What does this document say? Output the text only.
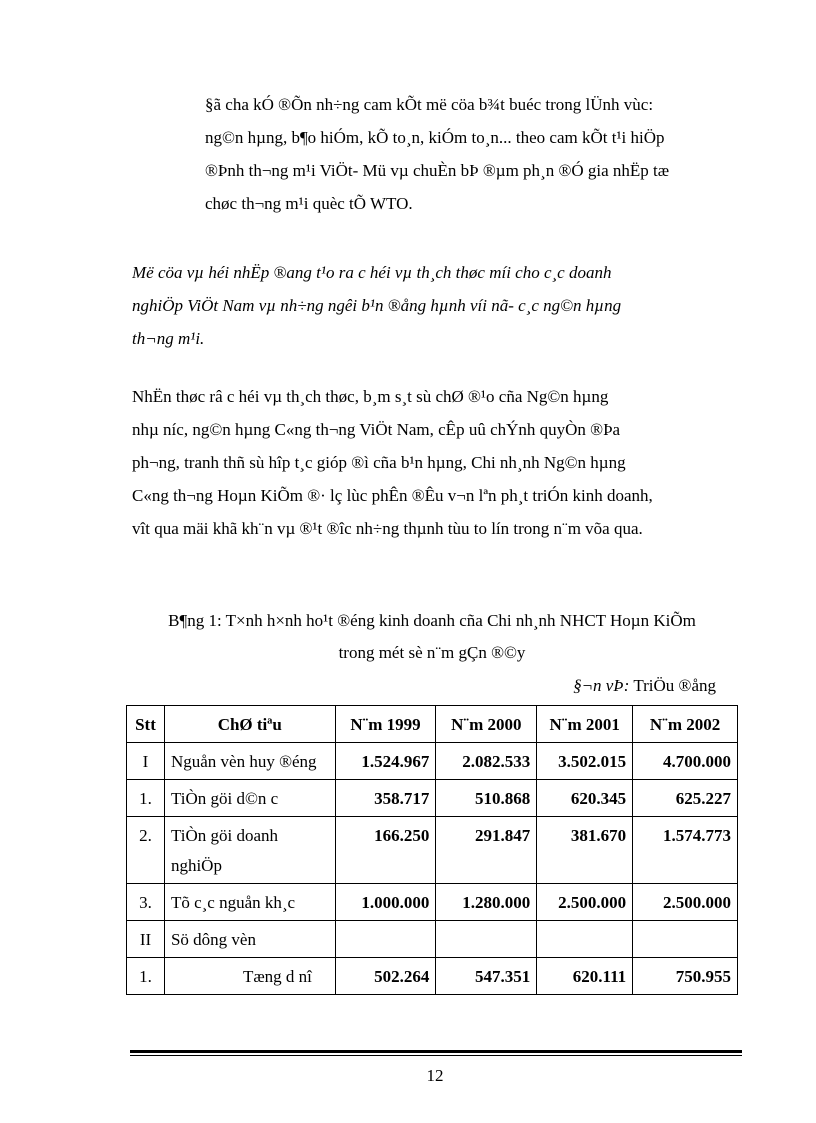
§ã cha kÓ ®Õn nh÷ng cam kÕt më cöa b¾t buéc trong lÜnh vùc:
ng©n hµng, b¶o hiÓm, kÕ to¸n, kiÓm to¸n... theo cam kÕt t¹i hiÖp
®Þnh th¬ng m¹i ViÖt- Mü vµ chuÈn bÞ ®µm ph¸n ®Ó gia nhËp tæ
chøc th¬ng m¹i quèc tÕ WTO.
Më cöa vµ héi nhËp ®ang t¹o ra c héi vµ th¸ch thøc míi cho c¸c doanh
nghiÖp ViÖt Nam vµ nh÷ng ngêi b¹n ®ång hµnh víi nã- c¸c ng©n hµng
th¬ng m¹i.
NhËn thøc râ c héi vµ th¸ch thøc, b¸m s¸t sù chØ ®¹o cña Ng©n hµng
nhµ níc, ng©n hµng C«ng th¬ng ViÖt Nam, cÊp uû chÝnh quyÒn ®Þa
ph¬ng, tranh thñ sù hîp t¸c gióp ®ì cña b¹n hµng, Chi nh¸nh Ng©n hµng
C«ng th¬ng Hoµn KiÕm ®· lç lùc phÊn ®Êu v¬n lªn ph¸t triÓn kinh doanh,
vît qua mäi khã kh¨n vµ ®¹t ®îc nh÷ng thµnh tùu to lín trong n¨m võa qua.
B¶ng 1: T×nh h×nh ho¹t ®éng kinh doanh cña Chi nh¸nh NHCT Hoµn KiÕm
trong mét sè n¨m gÇn ®©y
§¬n vÞ: TriÖu ®ång
Stt	ChØ tiªu	N¨m 1999	N¨m 2000	N¨m 2001	N¨m 2002
I	Nguån vèn huy ®éng	1.524.967	2.082.533	3.502.015	4.700.000
1.	TiÒn göi d©n c	358.717	510.868	620.345	625.227
2.	TiÒn göi doanh nghiÖp	166.250	291.847	381.670	1.574.773
3.	Tõ c¸c nguån kh¸c	1.000.000	1.280.000	2.500.000	2.500.000
II	Sö dông vèn				
1.	Tæng d nî	502.264	547.351	620.111	750.955
12
